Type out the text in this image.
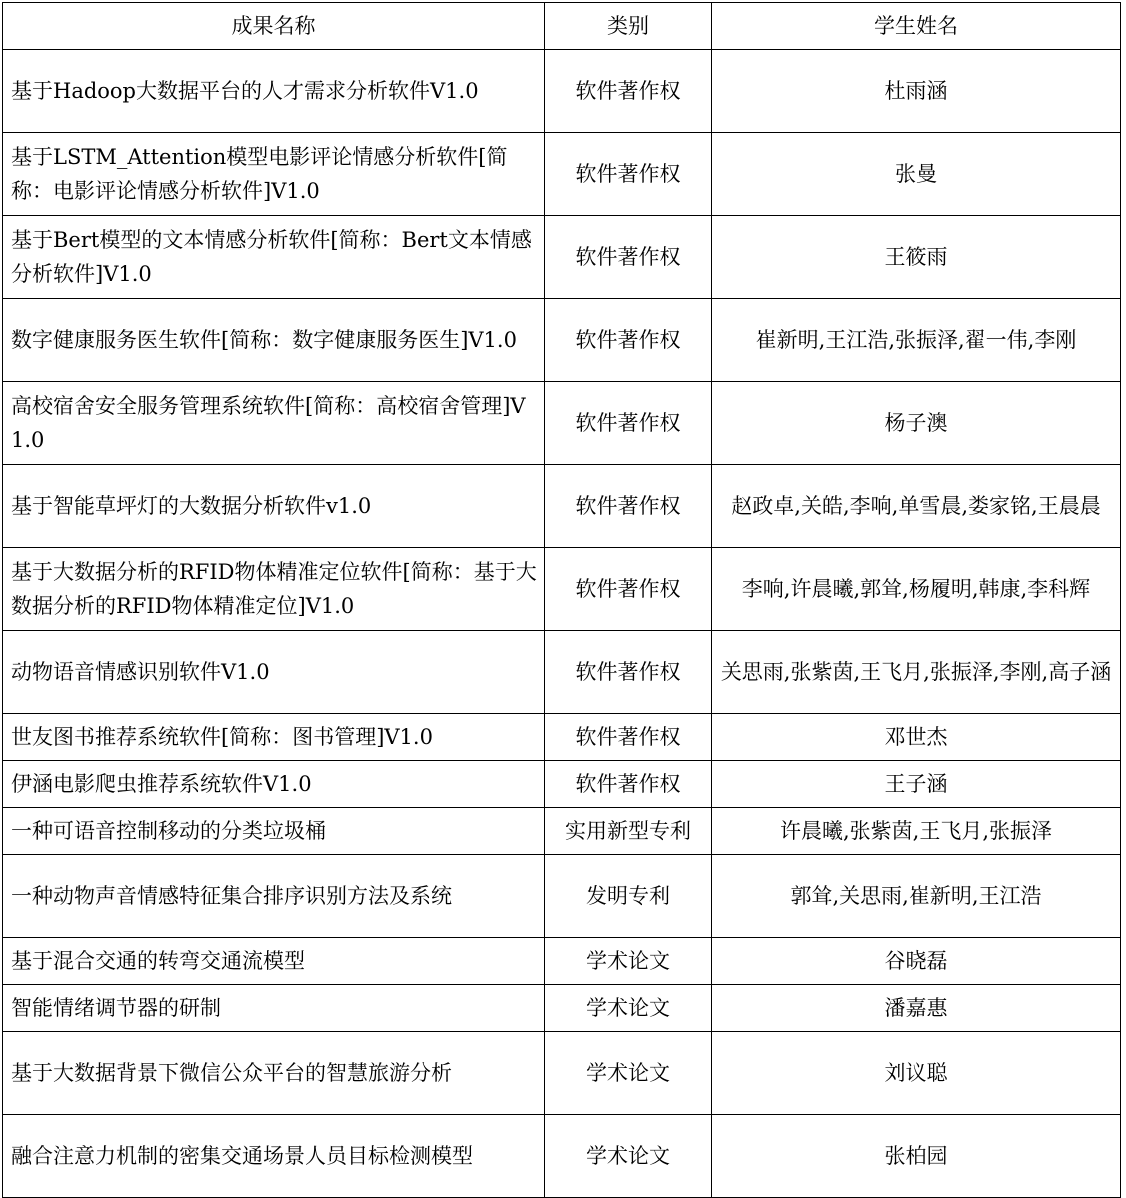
成果名称	类别	学生姓名
基于Hadoop大数据平台的人才需求分析软件V1.0	软件著作权	杜雨涵
基于LSTM_Attention模型电影评论情感分析软件[简称：电影评论情感分析软件]V1.0	软件著作权	张曼
基于Bert模型的文本情感分析软件[简称：Bert文本情感分析软件]V1.0	软件著作权	王筱雨
数字健康服务医生软件[简称：数字健康服务医生]V1.0	软件著作权	崔新明,王江浩,张振泽,翟一伟,李刚
高校宿舍安全服务管理系统软件[简称：高校宿舍管理]V1.0	软件著作权	杨子澳
基于智能草坪灯的大数据分析软件v1.0	软件著作权	赵政卓,关皓,李响,单雪晨,娄家铭,王晨晨
基于大数据分析的RFID物体精准定位软件[简称：基于大数据分析的RFID物体精准定位]V1.0	软件著作权	李响,许晨曦,郭耸,杨履明,韩康,李科辉
动物语音情感识别软件V1.0	软件著作权	关思雨,张紫茵,王飞月,张振泽,李刚,高子涵
世友图书推荐系统软件[简称：图书管理]V1.0	软件著作权	邓世杰
伊涵电影爬虫推荐系统软件V1.0	软件著作权	王子涵
一种可语音控制移动的分类垃圾桶	实用新型专利	许晨曦,张紫茵,王飞月,张振泽
一种动物声音情感特征集合排序识别方法及系统	发明专利	郭耸,关思雨,崔新明,王江浩
基于混合交通的转弯交通流模型	学术论文	谷晓磊
智能情绪调节器的研制	学术论文	潘嘉惠
基于大数据背景下微信公众平台的智慧旅游分析	学术论文	刘议聪
融合注意力机制的密集交通场景人员目标检测模型	学术论文	张柏园
